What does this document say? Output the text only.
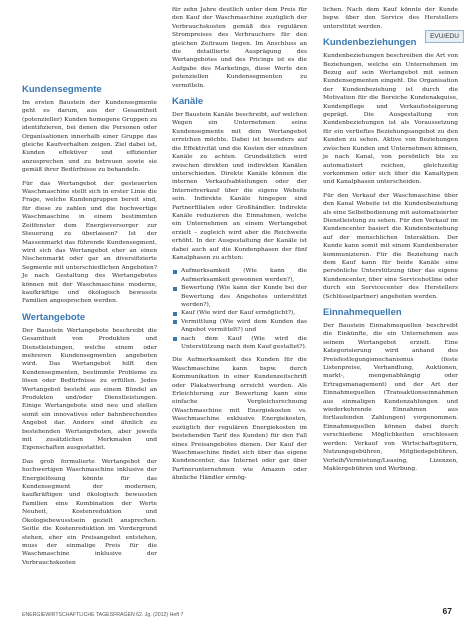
EVU/EDU
Kundensegmente

Im ersten Baustein der Kundensegmente geht es darum, aus der Gesamtheit (potenzieller) Kunden homogene Gruppen zu identifizieren, bei denen die Personen oder Organisationen innerhalb einer Gruppe das gleiche Kaufverhalten zeigen. Ziel dabei ist, Kunden effektiver und effizienter anzusprechen und zu betreuen sowie sie gemäß ihrer Bedürfnisse zu behandeln.

Für das Wertangebot der gesteuerten Waschmaschine stellt sich in erster Linie die Frage, welche Kundengruppen bereit sind, für diese zu zahlen und die hochwertige Waschmaschine in einem bestimmten Zeitfenster dem Energieversorger zur Steuerung zu überlassen? Ist der Massenmarkt das führende Kundensegment, wird sich das Wertangebot eher an einen Nischenmarkt oder gar an diversifizierte Segmente mit unterschiedlichen Angeboten? Je nach Gestaltung des Wertangebotes können mit der Waschmaschine moderne, kaufkräftige und ökologisch bewusste Familien angesprochen werden.

Wertangebote

Der Baustein Wertangebote beschreibt die Gesamtheit von Produkten und Dienstleistungen, welche einem oder mehreren Kundensegmenten angeboten wird. Das Wertangebot hilft den Kundensegmenten, bestimmte Probleme zu lösen oder Bedürfnisse zu erfüllen. Jedes Wertangebot besteht aus einem Bündel an Produkten und/oder Dienstleistungen. Einige Wertangebote sind neu und stellen somit ein innovatives oder bahnbrechendes Angebot dar. Andere sind ähnlich zu bestehenden Wertangeboten, aber jeweils mit zusätzlichen Merkmalen und Eigenschaften ausgestattet.

Das grob formulierte Wertangebot der hochwertigen Waschmaschine inklusive der Energielösung könnte für das Kundensegment der modernen, kaufkräftigen und ökologisch bewussten Familien eine Kombination der Werte Neuheit, Kostenreduktion und Ökologiebewusstsein gezielt ansprechen. Seitle die Kostenreduktion im Vordergrund stehen, eher ein Preisangebot entstehen, muss der einmalige Preis für die Waschmaschine inklusive der Verbrauchskosten

für zehn Jahre deutlich unter dem Preis für den Kauf der Waschmaschine zuzüglich der Verbrauchskosten gemäß des regulären Strompreises des Verbrauchers für den gleichen Zeitraum liegen. Im Anschluss an die detaillierte Ausprägung des Wertangebotes und des Pricings ist es die Aufgabe des Marketings, diese Werte den potenziellen Kundensegmenten zu vermitteln.

Kanäle

Der Baustein Kanäle beschreibt, auf welchen Wegen ein Unternehmen seine Kundensegmente mit dem Wertangebot erreichen möchte. Dabei ist besonders auf die Effektivität und die Kosten der einzelnen Kanäle zu achten. Grundsätzlich wird zwischen direkten und indirekten Kanälen unterschieden. Direkte Kanäle können die internen Verkaufsabteilungen oder der Internetverkauf über die eigene Website sein. Indirekte Kanäle hingegen sind Partnerfilialen oder Großhändler. Indirekte Kanäle reduzieren die Einnahmen, welche ein Unternehmen an einem Wertangebot erzielt – zugleich wird aber die Reichweite erhöht. In der Ausgestaltung der Kanäle ist dabei auch auf die Kundenphasen der fünf Kanalphasen zu achten:

Aufmerksamkeit (Wie kann die Aufmerksamkeit gewonnen werden?),
Bewertung (Wie kann der Kunde bei der Bewertung des Angebotes unterstützt werden?),
Kauf (Wie wird der Kauf ermöglicht?),
Vermittlung (Wie wird dem Kunden das Angebot vermittelt?) und
nach dem Kauf (Wie wird die Unterstützung nach dem Kauf gestaltet?).

Die Aufmerksamkeit des Kunden für die Waschmaschine kann bspw. durch Kommunikation in einer Kundenzeitschrift oder Plakatwerbung erreicht werden. Als Erleichterung zur Bewertung kann eine einfache Vergleichsrechnung (Waschmaschine mit Energiekosten vs. Waschmaschine exklusive Energiekosten, zuzüglich der regulären Energiekosten im bestehenden Tarif des Kunden) für den Fall eines Preisangebotes dienen. Der Kauf der Waschmaschine findet sich über das eigene Kundencenter, das Internet oder gar über Partnerunternehmen wie Amazon oder ähnliche Händler ermög-

lichen. Nach dem Kauf könnte der Kunde bspw. über den Service des Herstellers unterstützt werden.

Kundenbeziehungen

Kundenbeziehungen beschreiben die Art von Beziehungen, welche ein Unternehmen im Bezug auf sein Wertangebot mit seinen Kundensegmenten eingeht. Die Organisation der Kundenbeziehung ist durch die Motivation für die Bereiche Kundenakquise, Kundenpflege und Verkaufssteigerung geprägt. Die Ausgestaltung von Kundenbeziehungen ist als Voraussetzung für ein vertieftes Beziehungsangebot zu den Kunden zu sehen. Aktive von Beziehungen zwischen Kunden und Unternehmen können, je nach Kanal, von persönlich bis zu automatisiert reichen, gleichzeitig vorkommen oder sich über die Kanaltypen und Kanalphasen unterscheiden.

Für den Verkauf der Waschmaschine über den Kanal Website ist die Kundenbeziehung als eine Selbstbedienung mit automatisierter Dienstleistung zu sehen. Für den Verkauf im Kundencenter basiert die Kundenbeziehung auf der menschlichen Interaktion. Der Kunde kann somit mit einem Kundenberater kommunizieren. Für die Beziehung nach dem Kauf kann für beide Kanäle eine persönliche Unterstützung über das eigene Kundencenter, über eine Servicehotline oder durch ein Servicecenter des Herstellers (Schlüsselpartner) angeboten werden.

Einnahmequellen

Der Baustein Einnahmequellen beschreibt die Einkünfte, die ein Unternehmen aus seinem Wertangebot erzielt. Eine Kategorisierung wird anhand des Preisfestlegungsmechanismus (feste Listenpreise, Verhandlung, Auktionen, markt-, mengenabhängig oder Ertragsmanagement) und der Art der Einnahmequellen (Transaktionseinnahmen aus einmaligen Kundenzahlungen und wiederkehrende Einnahmen aus fortlaufenden Zahlungen) vorgenommen. Einnahmequellen können dabei durch verschiedene Möglichkeiten erschlossen werden: Verkauf von Wirtschaftsgütern, Nutzungsgebühren, Mitgliedsgebühren, Verleih/Vermietung/Leasing, Lizenzen, Maklergebühren und Werbung.

ENERGIEWIRTSCHAFTLICHE TAGESFRAGEN 62. Jg. (2012) Heft 7	67
